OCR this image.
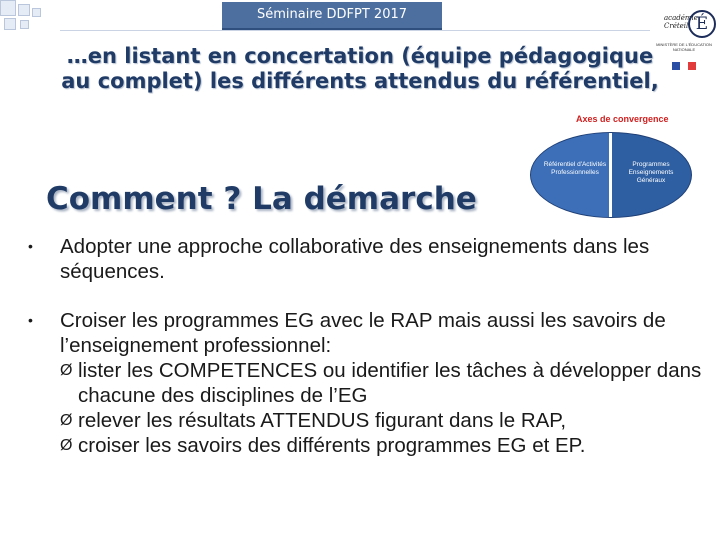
Séminaire DDFPT 2017	académie
Créteil É
MINISTÈRE DE L'ÉDUCATION NATIONALE
…en listant en concertation (équipe pédagogique au complet) les différents attendus du référentiel,
Axes de convergence
Référentiel d'Activités Professionnelles
Programmes Enseignements Généraux
Comment ? La démarche
• Adopter une approche collaborative des enseignements dans les séquences.
• Croiser les programmes EG avec le RAP mais aussi les savoirs de l’enseignement professionnel:
Ø lister les COMPETENCES ou identifier les tâches à développer dans chacune des disciplines de l’EG
Ø relever les résultats ATTENDUS figurant dans le RAP,
Ø croiser les savoirs des différents programmes EG et EP.
